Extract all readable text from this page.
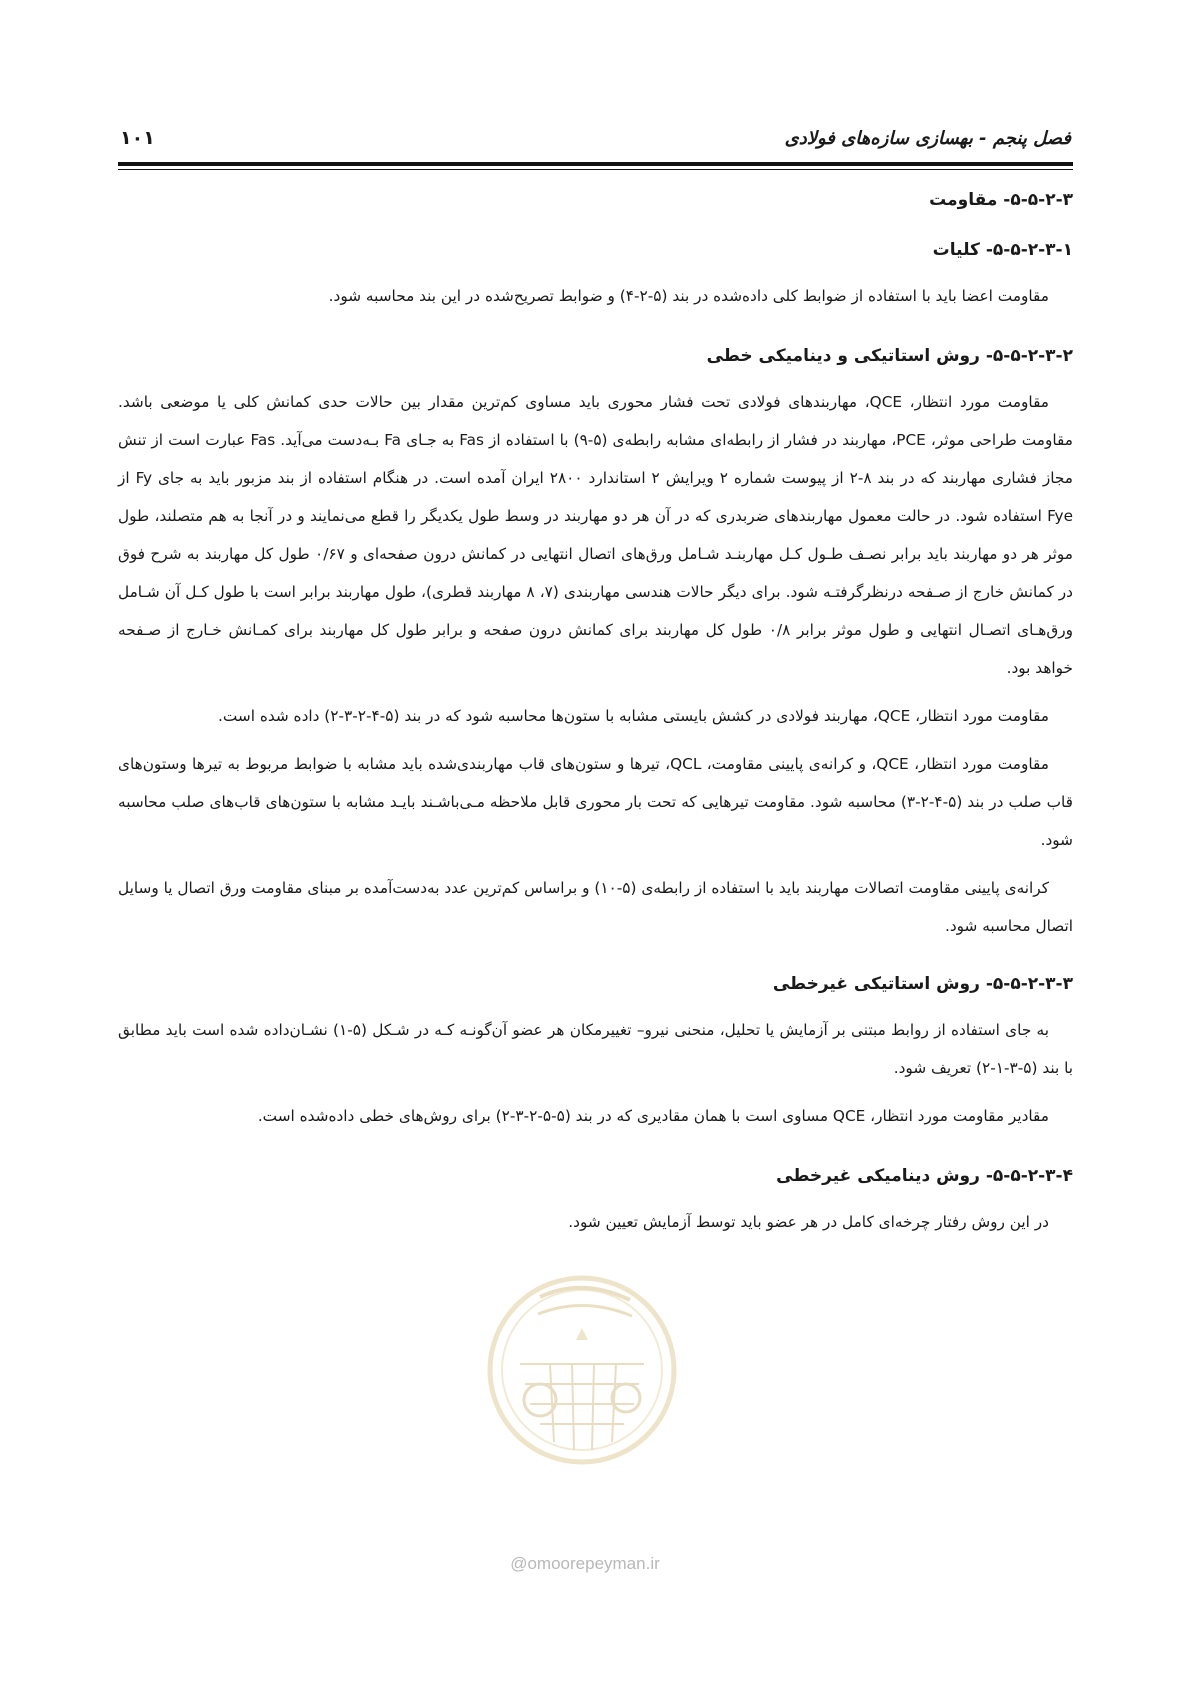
فصل پنجم - بهسازی سازه‌های فولادی
۱۰۱
۵-۵-۲-۳- مقاومت
۵-۵-۲-۳-۱- کلیات

مقاومت اعضا باید با استفاده از ضوابط کلی داده‌شده در بند (۵-۲-۴) و ضوابط تصریح‌شده در این بند محاسبه شود.

۵-۵-۲-۳-۲- روش استاتیکی و دینامیکی خطی

مقاومت مورد انتظار، QCE، مهاربندهای فولادی تحت فشار محوری باید مساوی کم‌ترین مقدار بین حالات حدی کمانش کلی یا موضعی باشد. مقاومت طراحی موثر، PCE، مهاربند در فشار از رابطه‌ای مشابه رابطه‌ی (۵-۹) با استفاده از Fas به جـای Fa بـه‌دست می‌آید. Fas عبارت است از تنش مجاز فشاری مهاربند که در بند ۸-۲ از پیوست شماره ۲ ویرایش ۲ استاندارد ۲۸۰۰ ایران آمده است. در هنگام استفاده از بند مزبور باید به جای Fy از Fye استفاده شود. در حالت معمول مهاربندهای ضربدری که در آن هر دو مهاربند در وسط طول یکدیگر را قطع می‌نمایند و در آنجا به هم متصلند، طول موثر هر دو مهاربند باید برابر نصـف طـول کـل مهاربنـد شـامل ورق‌های اتصال انتهایی در کمانش درون صفحه‌ای و ۰/۶۷ طول کل مهاربند به شرح فوق در کمانش خارج از صـفحه درنظرگرفتـه شود. برای دیگر حالات هندسی مهاربندی (۷، ۸ مهاربند قطری)، طول مهاربند برابر است با طول کـل آن شـامل ورق‌هـای اتصـال انتهایی و طول موثر برابر ۰/۸ طول کل مهاربند برای کمانش درون صفحه و برابر طول کل مهاربند برای کمـانش خـارج از صـفحه خواهد بود.

مقاومت مورد انتظار، QCE، مهاربند فولادی در کشش بایستی مشابه با ستون‌ها محاسبه شود که در بند (۵-۴-۲-۳-۲) داده شده است.

مقاومت مورد انتظار، QCE، و کرانه‌ی پایینی مقاومت، QCL، تیرها و ستون‌های قاب مهاربندی‌شده باید مشابه با ضوابط مربوط به تیرها وستون‌های قاب صلب در بند (۵-۴-۲-۳) محاسبه شود. مقاومت تیرهایی که تحت بار محوری قابل ملاحظه مـی‌باشـند بایـد مشابه با ستون‌های قاب‌های صلب محاسبه شود.

کرانه‌ی پایینی مقاومت اتصالات مهاربند باید با استفاده از رابطه‌ی (۵-۱۰) و براساس کم‌ترین عدد به‌دست‌آمده بر مبنای مقاومت ورق اتصال یا وسایل اتصال محاسبه شود.

۵-۵-۲-۳-۳- روش استاتیکی غیرخطی

به جای استفاده از روابط مبتنی بر آزمایش یا تحلیل، منحنی نیرو– تغییرمکان هر عضو آن‌گونـه کـه در شـکل (۵-۱) نشـان‌داده شده است باید مطابق با بند (۵-۳-۱-۲) تعریف شود.

مقادیر مقاومت مورد انتظار، QCE مساوی است با همان مقادیری که در بند (۵-۵-۲-۳-۲) برای روش‌های خطی داده‌شده است.

۵-۵-۲-۳-۴- روش دینامیکی غیرخطی

در این روش رفتار چرخه‌ای کامل در هر عضو باید توسط آزمایش تعیین شود.

@omoorepeyman.ir
